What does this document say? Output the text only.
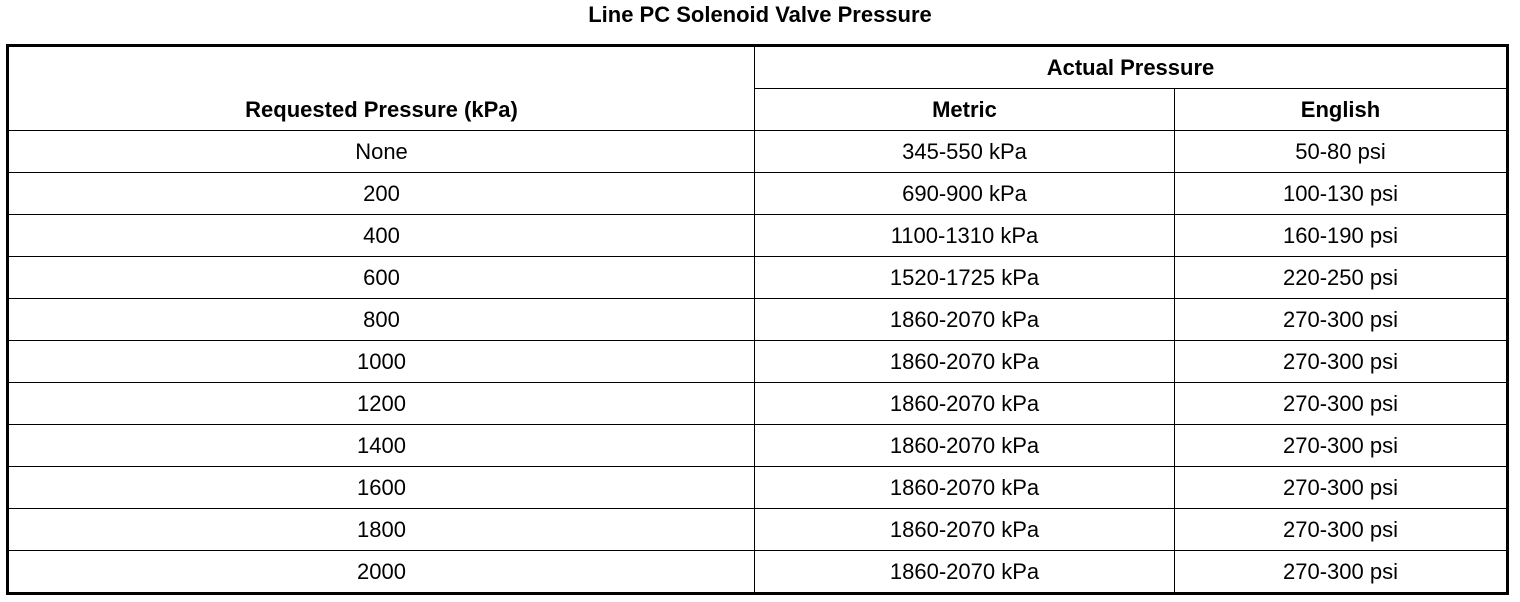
Line PC Solenoid Valve Pressure
Requested Pressure (kPa)	Actual Pressure	
	Metric	English
None	345-550 kPa	50-80 psi
200	690-900 kPa	100-130 psi
400	1100-1310 kPa	160-190 psi
600	1520-1725 kPa	220-250 psi
800	1860-2070 kPa	270-300 psi
1000	1860-2070 kPa	270-300 psi
1200	1860-2070 kPa	270-300 psi
1400	1860-2070 kPa	270-300 psi
1600	1860-2070 kPa	270-300 psi
1800	1860-2070 kPa	270-300 psi
2000	1860-2070 kPa	270-300 psi
